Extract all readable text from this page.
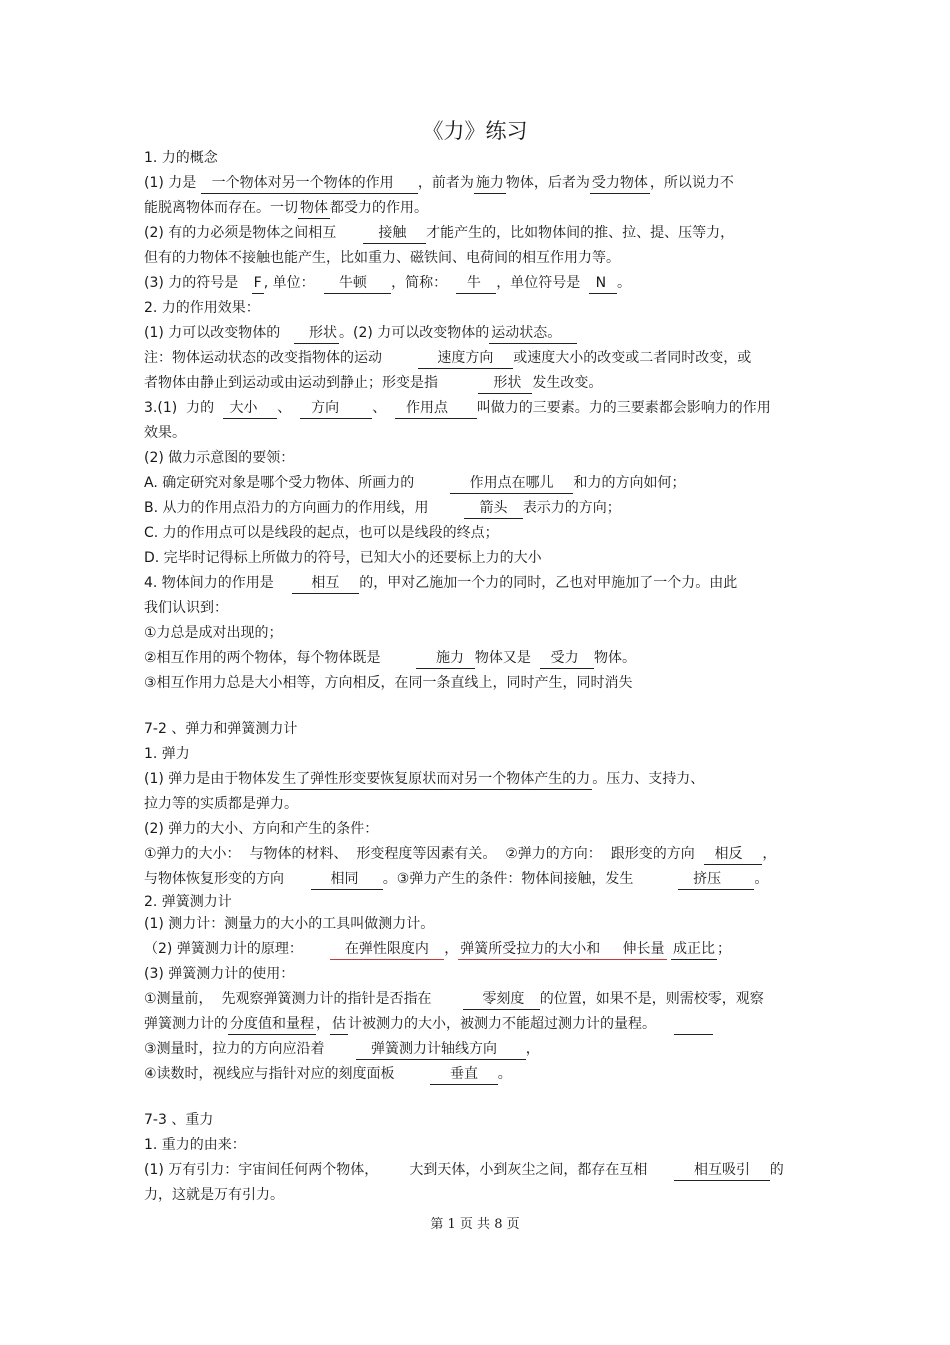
《力》练习
1. 力的概念
(1) 力是   一个物体对另一个物体的作用     ，前者为 施力 物体，后者为 受力物体 ，所以说力不
能脱离物体而存在。一切 物体 都受力的作用。
(2) 有的力必须是物体之间相互         接触    才能产生的，比如物体间的推、拉、提、压等力，
但有的力物体不接触也能产生，比如重力、磁铁间、电荷间的相互作用力等。
(3) 力的符号是   F , 单位：     牛顿     ，简称：    牛   ，单位符号是   N  。
2. 力的作用效果：
(1) 力可以改变物体的      形状 。(2) 力可以改变物体的 运动状态。
注：物体运动状态的改变指物体的运动            速度方向    或速度大小的改变或二者同时改变，或
者物体由静止到运动或由运动到静止；形变是指            形状  发生改变。
3.(1)  力的   大小    、    方向       、    作用点      叫做力的三要素。力的三要素都会影响力的作用
效果。
(2) 做力示意图的要领：
A. 确定研究对象是哪个受力物体、所画力的            作用点在哪儿    和力的方向如何；
B. 从力的作用点沿力的方向画力的作用线，用           箭头   表示力的方向；
C. 力的作用点可以是线段的起点，也可以是线段的终点；
D. 完毕时记得标上所做力的符号，已知大小的还要标上力的大小
4. 物体间力的作用是        相互    的，甲对乙施加一个力的同时，乙也对甲施加了一个力。由此
我们认识到：
①力总是成对出现的；
②相互作用的两个物体，每个物体既是            施力  物体又是    受力   物体。
③相互作用力总是大小相等，方向相反，在同一条直线上，同时产生，同时消失
7-2 、弹力和弹簧测力计
1. 弹力
(1) 弹力是由于物体发 生了弹性形变要恢复原状而对另一个物体产生的力 。压力、支持力、
拉力等的实质都是弹力。
(2) 弹力的大小、方向和产生的条件：
①弹力的大小：  与物体的材料、  形变程度等因素有关。  ②弹力的方向：  跟形变的方向    相反    ，
与物体恢复形变的方向          相同     。③弹力产生的条件：物体间接触，发生             挤压       。
2. 弹簧测力计
(1) 测力计：测量力的大小的工具叫做测力计。
（2) 弹簧测力计的原理：         在弹性限度内   ， 弹簧所受拉力的大小和     伸长量 成正比 ；
(3) 弹簧测力计的使用：
①测量前，  先观察弹簧测力计的指针是否指在           零刻度   的位置，如果不是，则需校零，观察
弹簧测力计的 分度值和量程 ， 估 计被测力的大小，被测力不能超过测力计的量程。
③测量时，拉力的方向应沿着          弹簧测力计轴线方向      ，
④读数时，视线应与指针对应的刻度面板            垂直    。
7-3 、重力
1. 重力的由来：
(1) 万有引力：宇宙间任何两个物体，       大到天体，小到灰尘之间，都存在互相          相互吸引    的
力，这就是万有引力。
第 1 页 共 8 页
